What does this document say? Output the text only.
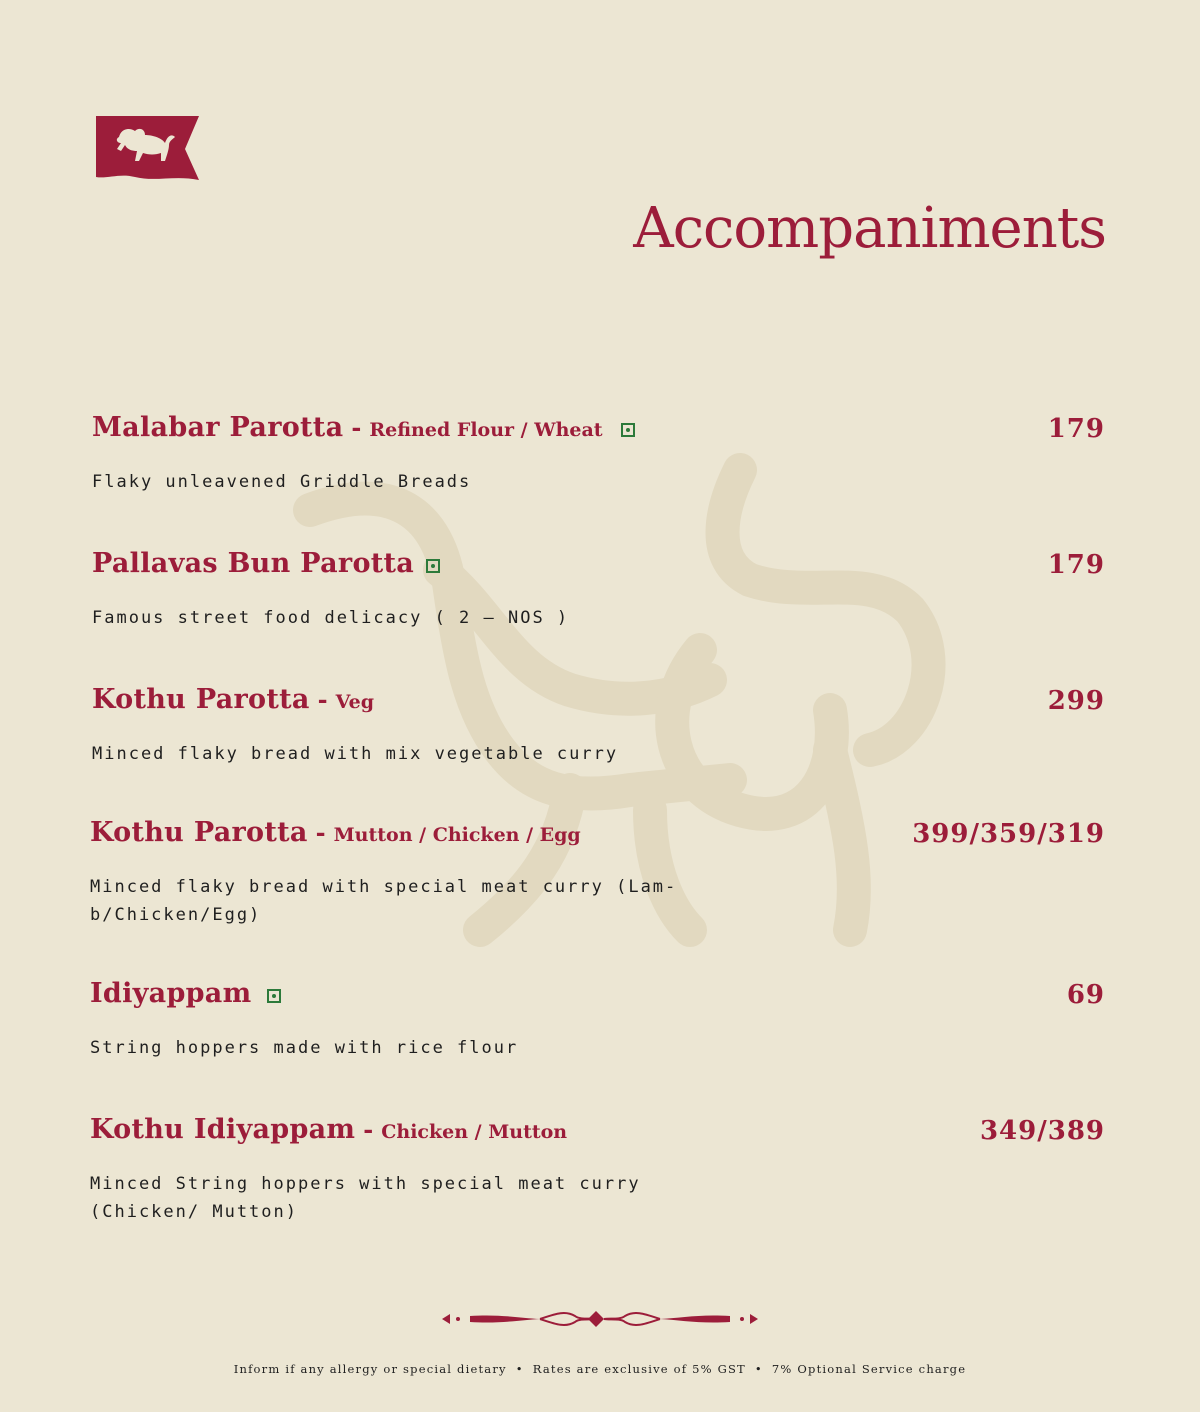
Accompaniments
Malabar Parotta - Refined Flour / Wheat	179
Flaky unleavened Griddle Breads
Pallavas Bun Parotta	179
Famous street food delicacy ( 2 – NOS )
Kothu Parotta - Veg	299
Minced flaky bread with mix vegetable curry
Kothu Parotta - Mutton / Chicken / Egg	399/359/319
Minced flaky bread with special meat curry (Lam-b/Chicken/Egg)
Idiyappam	69
String hoppers made with rice flour
Kothu Idiyappam - Chicken / Mutton	349/389
Minced String hoppers with special meat curry (Chicken/ Mutton)
Inform if any allergy or special dietary • Rates are exclusive of 5% GST • 7% Optional Service charge
